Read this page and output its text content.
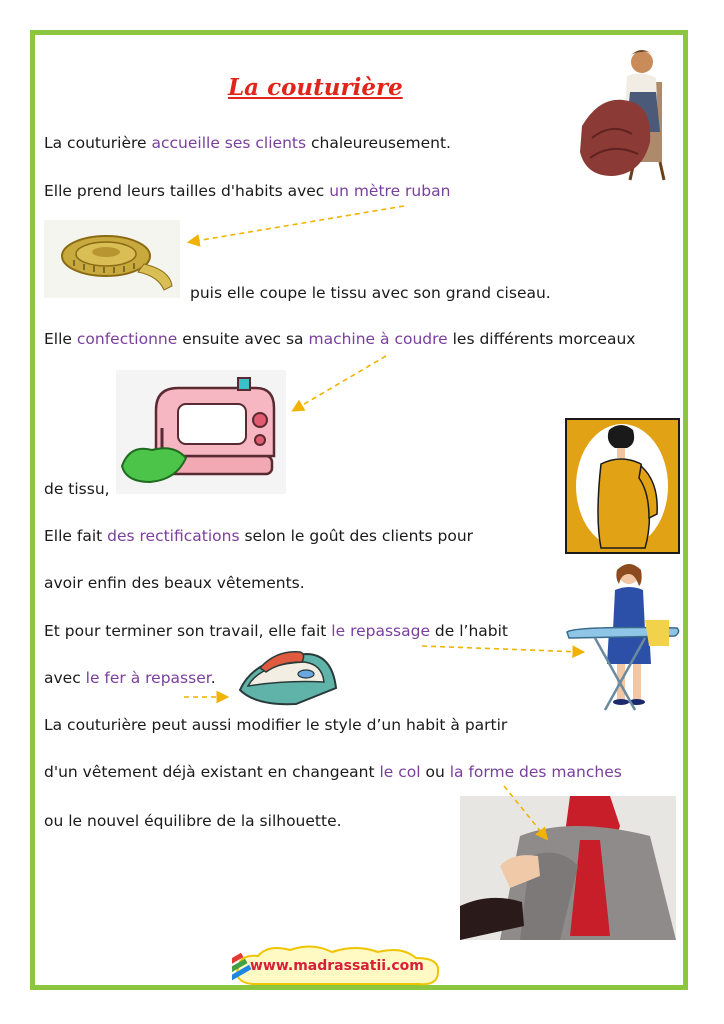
La couturière
La couturière accueille ses clients chaleureusement.
Elle prend leurs tailles d'habits avec un mètre ruban
puis elle coupe le tissu avec son grand ciseau.
Elle confectionne ensuite avec sa machine à coudre les différents morceaux
de tissu,
Elle fait des rectifications selon le goût des clients pour
avoir enfin des beaux vêtements.
Et pour terminer son travail, elle fait le repassage de l’habit
avec le fer à repasser.
La couturière peut aussi modifier le style d’un habit à partir
d'un vêtement déjà existant en changeant le col ou la forme des manches
ou le nouvel équilibre de la silhouette.
www.madrassatii.com
